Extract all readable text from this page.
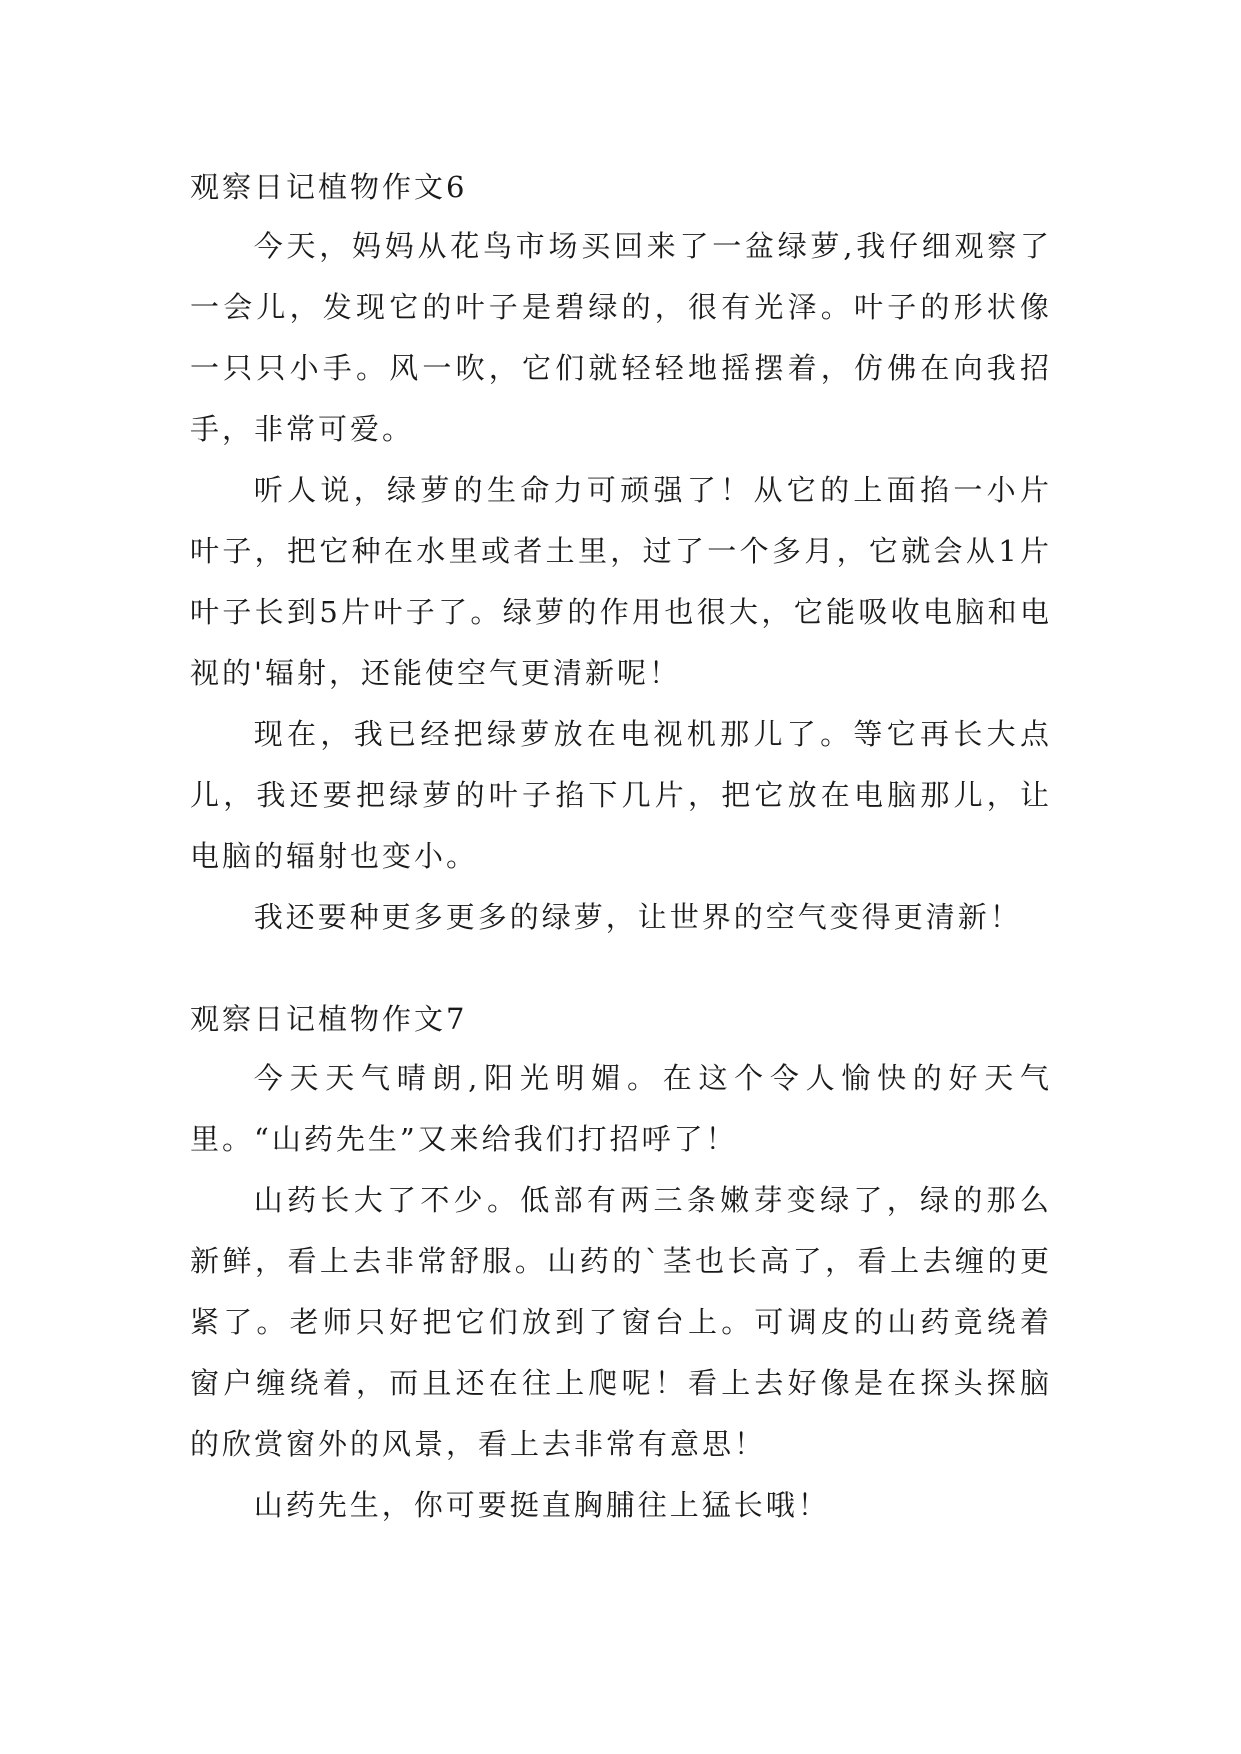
观察日记植物作文6

今天，妈妈从花鸟市场买回来了一盆绿萝,我仔细观察了一会儿，发现它的叶子是碧绿的，很有光泽。叶子的形状像一只只小手。风一吹，它们就轻轻地摇摆着，仿佛在向我招手，非常可爱。

听人说，绿萝的生命力可顽强了！从它的上面掐一小片叶子，把它种在水里或者土里，过了一个多月，它就会从1片叶子长到5片叶子了。绿萝的作用也很大，它能吸收电脑和电视的'辐射，还能使空气更清新呢！

现在，我已经把绿萝放在电视机那儿了。等它再长大点儿，我还要把绿萝的叶子掐下几片，把它放在电脑那儿，让电脑的辐射也变小。

我还要种更多更多的绿萝，让世界的空气变得更清新！

观察日记植物作文7

今天天气晴朗,阳光明媚。在这个令人愉快的好天气里。“山药先生”又来给我们打招呼了！

山药长大了不少。低部有两三条嫩芽变绿了，绿的那么新鲜，看上去非常舒服。山药的`茎也长高了，看上去缠的更紧了。老师只好把它们放到了窗台上。可调皮的山药竟绕着窗户缠绕着，而且还在往上爬呢！看上去好像是在探头探脑的欣赏窗外的风景，看上去非常有意思！

山药先生，你可要挺直胸脯往上猛长哦！
